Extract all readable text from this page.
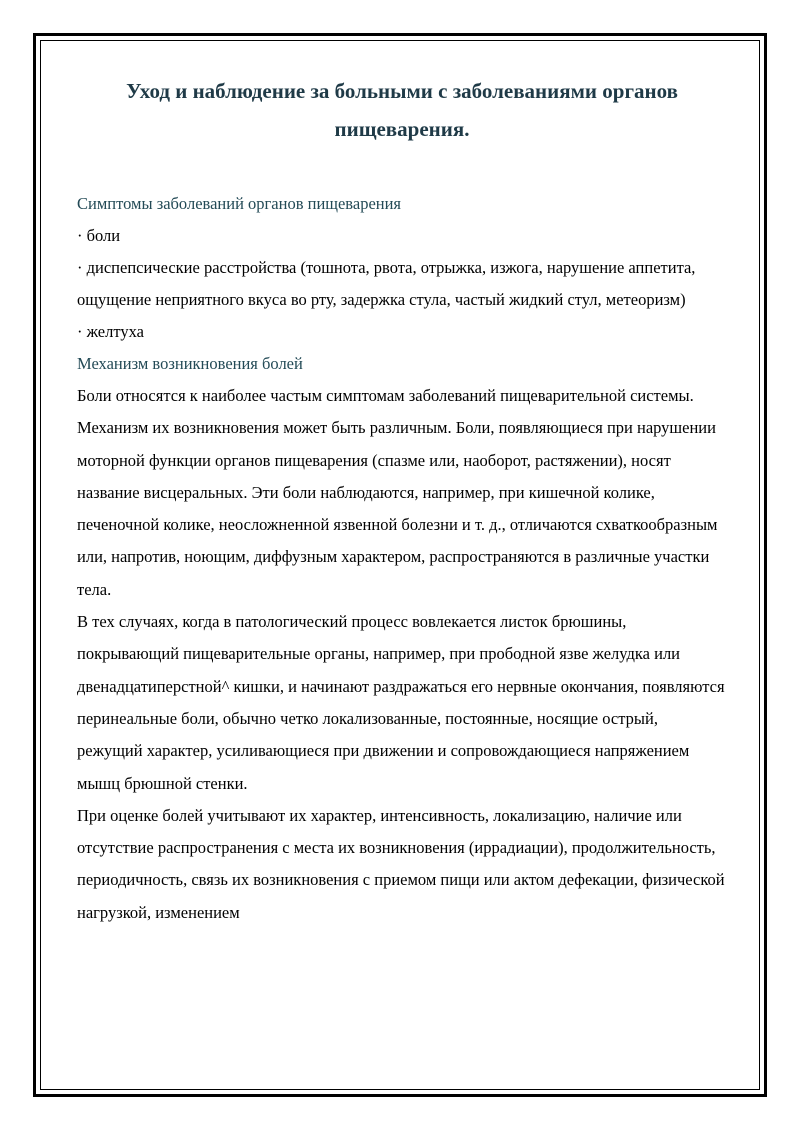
Уход и наблюдение за больными с заболеваниями органов пищеварения.

Симптомы заболеваний органов пищеварения

· боли

· диспепсические расстройства (тошнота, рвота, отрыжка, изжога, нарушение аппетита, ощущение неприятного вкуса во рту, задержка стула, частый жидкий стул, метеоризм)

· желтуха

Механизм возникновения болей

Боли относятся к наиболее частым симптомам заболеваний пищеварительной системы. Механизм их возникновения может быть различным. Боли, появляющиеся при нарушении моторной функции органов пищеварения (спазме или, наоборот, растяжении), носят название висцеральных. Эти боли наблюдаются, например, при кишечной колике, печеночной колике, неосложненной язвенной болезни и т. д., отличаются схваткообразным или, напротив, ноющим, диффузным характером, распространяются в различные участки тела.

В тех случаях, когда в патологический процесс вовлекается листок брюшины, покрывающий пищеварительные органы, например, при прободной язве желудка или двенадцатиперстной^ кишки, и начинают раздражаться его нервные окончания, появляются перинеальные боли, обычно четко локализованные, постоянные, носящие острый, режущий характер, усиливающиеся при движении и сопровождающиеся напряжением мышц брюшной стенки.

При оценке болей учитывают их характер, интенсивность, локализацию, наличие или отсутствие распространения с места их возникновения (иррадиации), продолжительность, периодичность, связь их возникновения с приемом пищи или актом дефекации, физической нагрузкой, изменением
